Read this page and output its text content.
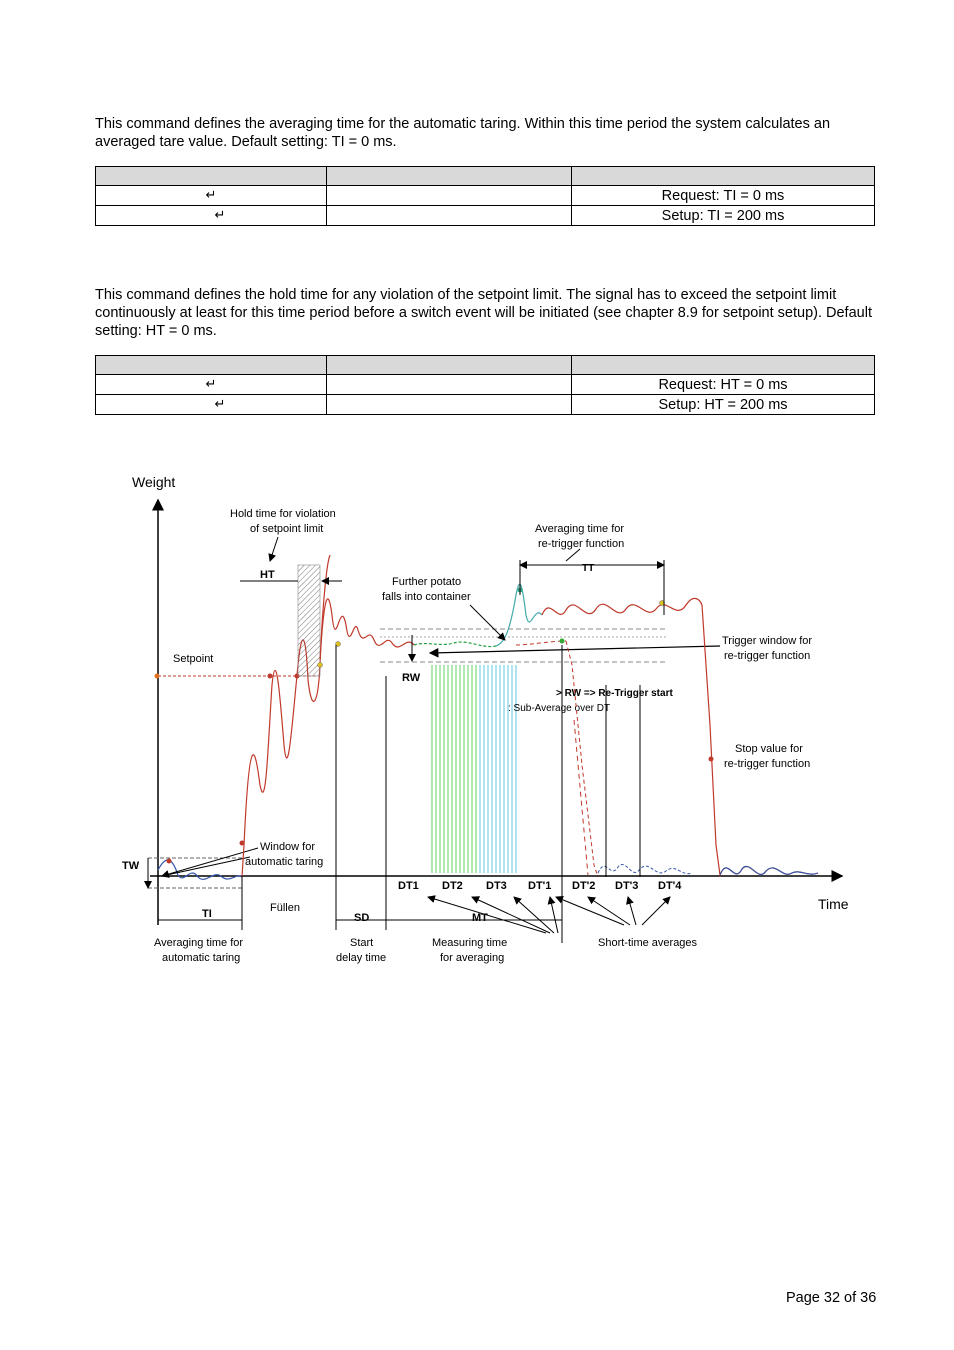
This command defines the averaging time for the automatic taring. Within this time period the system calculates an averaged tare value. Default setting: TI = 0 ms.

↵		Request: TI = 0 ms
↵		Setup: TI = 200 ms

This command defines the hold time for any violation of the setpoint limit. The signal has to exceed the setpoint limit continuously at least for this time period before a switch event will be initiated (see chapter 8.9 for setpoint setup). Default setting: HT = 0 ms.

↵		Request: HT = 0 ms
↵		Setup: HT = 200 ms
Weight
Time
Setpoint
TW
Window for automatic taring
HT
Hold time for violation of setpoint limit
RW
TT
Averaging time for re-trigger function
Further potato falls into container
Trigger window for re-trigger function
> RW => Re-Trigger start
: Sub-Average over DT
Stop value for re-trigger function
TI	Füllen
SD	MT
DT1 DT2 DT3 DT'1 DT'2 DT'3 DT'4
Averaging time for automatic taring
Start delay time
Measuring time for averaging
Short-time averages
Page 32 of 36
